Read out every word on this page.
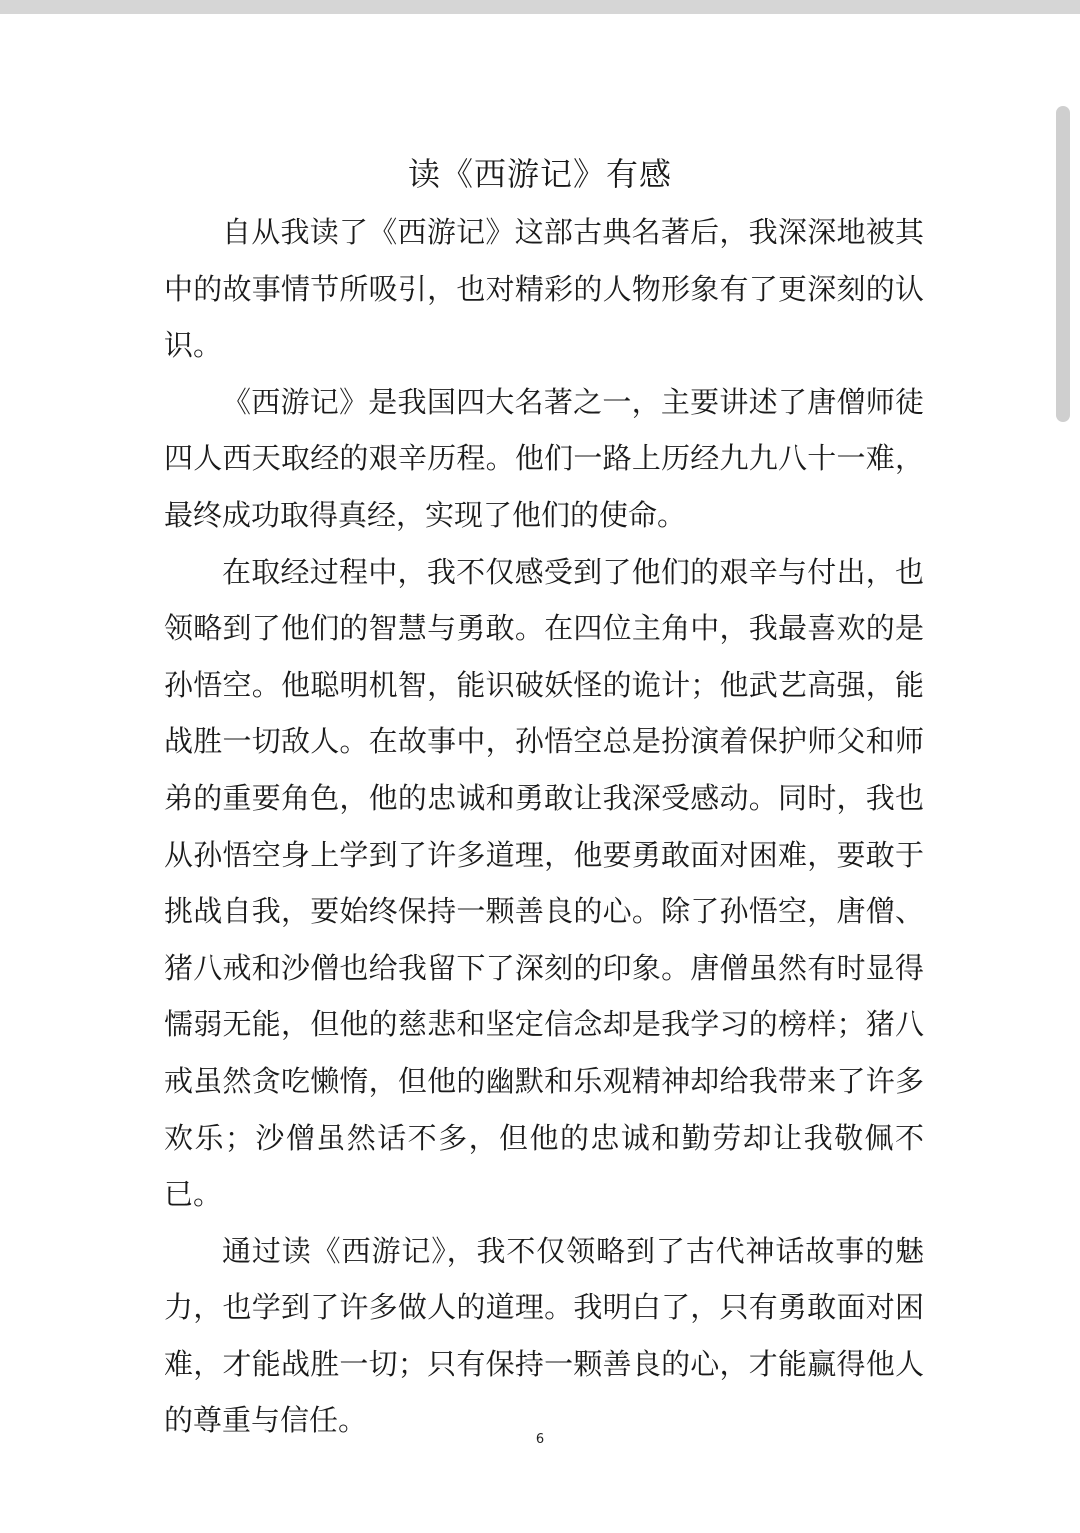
读《西游记》有感

自从我读了《西游记》这部古典名著后，我深深地被其中的故事情节所吸引，也对精彩的人物形象有了更深刻的认识。

《西游记》是我国四大名著之一，主要讲述了唐僧师徒四人西天取经的艰辛历程。他们一路上历经九九八十一难，最终成功取得真经，实现了他们的使命。

在取经过程中，我不仅感受到了他们的艰辛与付出，也领略到了他们的智慧与勇敢。在四位主角中，我最喜欢的是孙悟空。他聪明机智，能识破妖怪的诡计；他武艺高强，能战胜一切敌人。在故事中，孙悟空总是扮演着保护师父和师弟的重要角色，他的忠诚和勇敢让我深受感动。同时，我也从孙悟空身上学到了许多道理，他要勇敢面对困难，要敢于挑战自我，要始终保持一颗善良的心。除了孙悟空，唐僧、猪八戒和沙僧也给我留下了深刻的印象。唐僧虽然有时显得懦弱无能，但他的慈悲和坚定信念却是我学习的榜样；猪八戒虽然贪吃懒惰，但他的幽默和乐观精神却给我带来了许多欢乐；沙僧虽然话不多，但他的忠诚和勤劳却让我敬佩不已。

通过读《西游记》，我不仅领略到了古代神话故事的魅力，也学到了许多做人的道理。我明白了，只有勇敢面对困难，才能战胜一切；只有保持一颗善良的心，才能赢得他人的尊重与信任。

6
